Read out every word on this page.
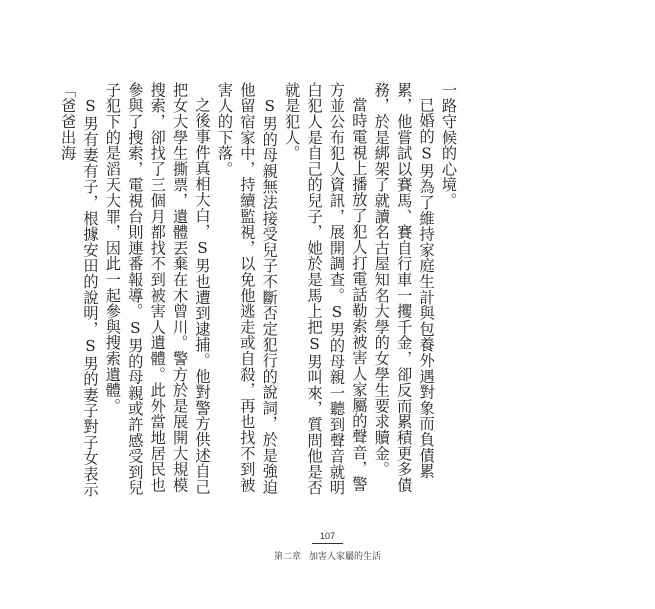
一路守候的心境。

已婚的S男為了維持家庭生計與包養外遇對象而負債累累，他嘗試以賽馬、賽自行車一攫千金，卻反而累積更多債務，於是綁架了就讀名古屋知名大學的女學生要求贖金。

當時電視上播放了犯人打電話勒索被害人家屬的聲音，警方並公布犯人資訊，展開調查。S男的母親一聽到聲音就明白犯人是自己的兒子，她於是馬上把S男叫來，質問他是否就是犯人。

S男的母親無法接受兒子不斷否定犯行的說詞，於是強迫他留宿家中，持續監視，以免他逃走或自殺，再也找不到被害人的下落。

之後事件真相大白，S男也遭到逮捕。他對警方供述自己把女大學生撕票，遺體丟棄在木曾川。警方於是展開大規模搜索，卻找了三個月都找不到被害人遺體。此外當地居民也參與了搜索，電視台則連番報導。S男的母親或許感受到兒子犯下的是滔天大罪，因此一起參與搜索遺體。

S男有妻有子，根據安田的說明，S男的妻子對子女表示「爸爸出海

107
第二章 加害人家屬的生活
